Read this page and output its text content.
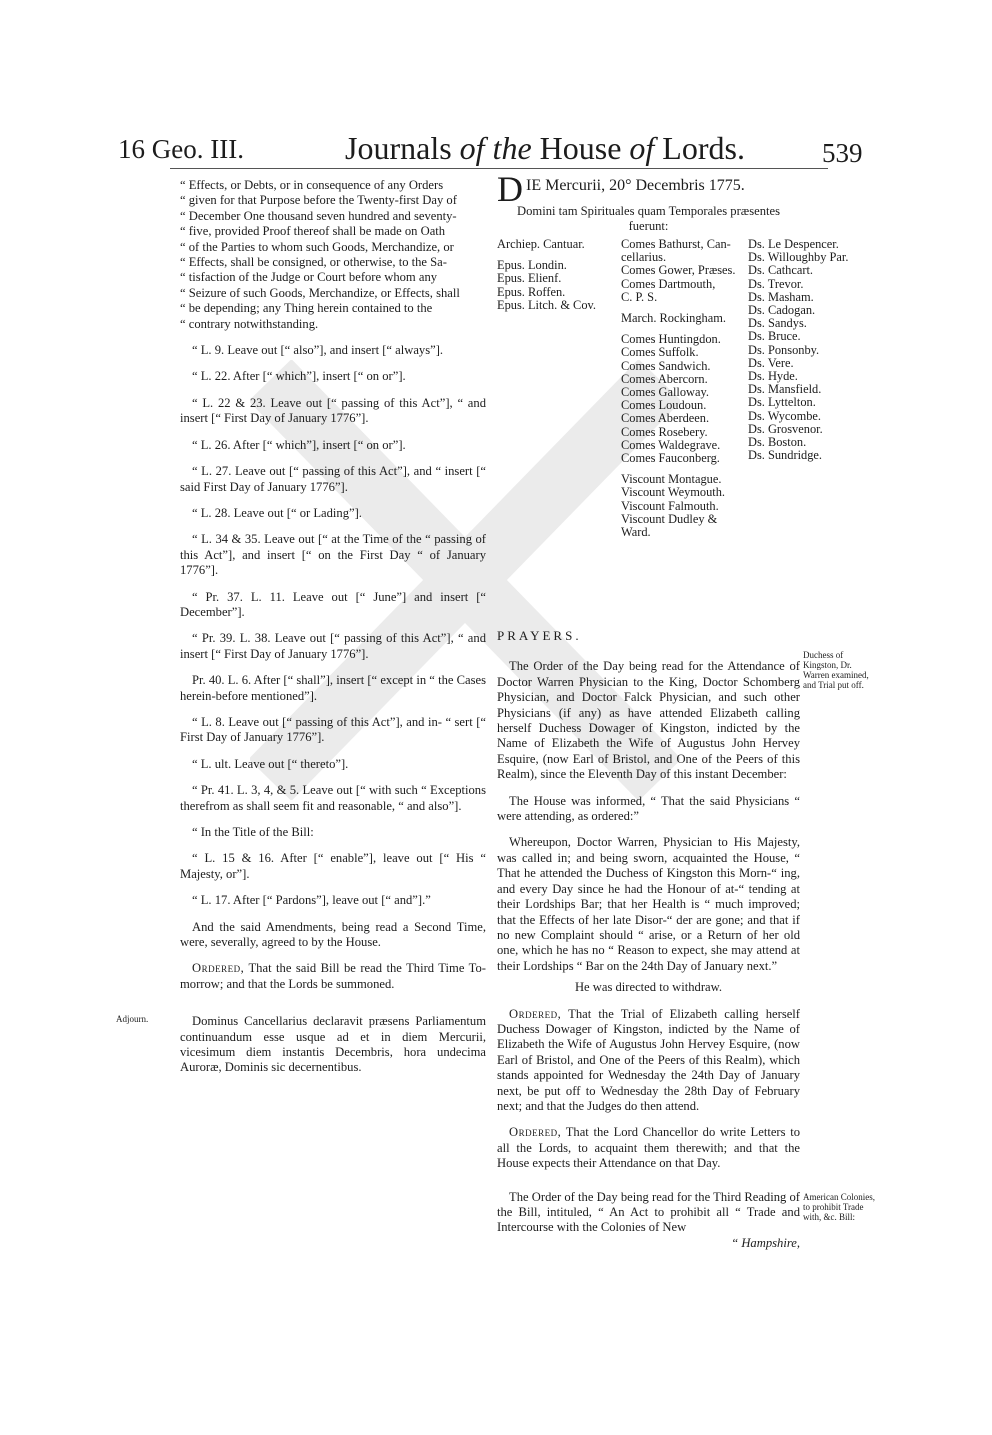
16 Geo. III.	Journals of the House of Lords.	539
“ Effects, or Debts, or in consequence of any Orders
“ given for that Purpose before the Twenty-first Day of
“ December One thousand seven hundred and seventy-
“ five, provided Proof thereof shall be made on Oath
“ of the Parties to whom such Goods, Merchandize, or
“ Effects, shall be consigned, or otherwise, to the Sa-
“ tisfaction of the Judge or Court before whom any
“ Seizure of such Goods, Merchandize, or Effects, shall
“ be depending; any Thing herein contained to the
“ contrary notwithstanding.

“ L. 9. Leave out [“ also”], and insert [“ always”].

“ L. 22. After [“ which”], insert [“ on or”].

“ L. 22 & 23. Leave out [“ passing of this Act”], “ and insert [“ First Day of January 1776”].

“ L. 26. After [“ which”], insert [“ on or”].

“ L. 27. Leave out [“ passing of this Act”], and “ insert [“ said First Day of January 1776”].

“ L. 28. Leave out [“ or Lading”].

“ L. 34 & 35. Leave out [“ at the Time of the “ passing of this Act”], and insert [“ on the First Day “ of January 1776”].

“ Pr. 37. L. 11. Leave out [“ June”] and insert [“ December”].

“ Pr. 39. L. 38. Leave out [“ passing of this Act”], “ and insert [“ First Day of January 1776”].

Pr. 40. L. 6. After [“ shall”], insert [“ except in “ the Cases herein-before mentioned”].

“ L. 8. Leave out [“ passing of this Act”], and in- “ sert [“ First Day of January 1776”].

“ L. ult. Leave out [“ thereto”].

“ Pr. 41. L. 3, 4, & 5. Leave out [“ with such “ Exceptions therefrom as shall seem fit and reasonable, “ and also”].

“ In the Title of the Bill:

“ L. 15 & 16. After [“ enable”], leave out [“ His “ Majesty, or”].

“ L. 17. After [“ Pardons”], leave out [“ and”].”

And the said Amendments, being read a Second Time, were, severally, agreed to by the House.

Ordered, That the said Bill be read the Third Time To-morrow; and that the Lords be summoned.

Dominus Cancellarius declaravit præsens Parliamentum continuandum esse usque ad et in diem Mercurii, vicesimum diem instantis Decembris, hora undecima Auroræ, Dominis sic decernentibus.

Adjourn.
DIE Mercurii, 20° Decembris 1775.

Domini tam Spirituales quam Temporales præsentes fuerunt:

Archiep. Cantuar.
Epus. Londin.
Epus. Elienf.
Epus. Roffen.
Epus. Litch. & Cov.
Comes Bathurst, Can-
cellarius.
Comes Gower, Præses.
Comes Dartmouth,
C. P. S.
March. Rockingham.
Comes Huntingdon.
Comes Suffolk.
Comes Sandwich.
Comes Abercorn.
Comes Galloway.
Comes Loudoun.
Comes Aberdeen.
Comes Rosebery.
Comes Waldegrave.
Comes Fauconberg.
Viscount Montague.
Viscount Weymouth.
Viscount Falmouth.
Viscount Dudley &
Ward.
Ds. Le Despencer.
Ds. Willoughby Par.
Ds. Cathcart.
Ds. Trevor.
Ds. Masham.
Ds. Cadogan.
Ds. Sandys.
Ds. Bruce.
Ds. Ponsonby.
Ds. Vere.
Ds. Hyde.
Ds. Mansfield.
Ds. Lyttelton.
Ds. Wycombe.
Ds. Grosvenor.
Ds. Boston.
Ds. Sundridge.

PRAYERS.

The Order of the Day being read for the Attendance of Doctor Warren Physician to the King, Doctor Schomberg Physician, and Doctor Falck Physician, and such other Physicians (if any) as have attended Elizabeth calling herself Duchess Dowager of Kingston, indicted by the Name of Elizabeth the Wife of Augustus John Hervey Esquire, (now Earl of Bristol, and One of the Peers of this Realm), since the Eleventh Day of this instant December:

The House was informed, “ That the said Physicians “ were attending, as ordered:”

Whereupon, Doctor Warren, Physician to His Majesty, was called in; and being sworn, acquainted the House, “ That he attended the Duchess of Kingston this Morn-“ ing, and every Day since he had the Honour of at-“ tending at their Lordships Bar; that her Health is “ much improved; that the Effects of her late Disor-“ der are gone; and that if no new Complaint should “ arise, or a Return of her old one, which he has no “ Reason to expect, she may attend at their Lordships “ Bar on the 24th Day of January next.”

He was directed to withdraw.

Ordered, That the Trial of Elizabeth calling herself Duchess Dowager of Kingston, indicted by the Name of Elizabeth the Wife of Augustus John Hervey Esquire, (now Earl of Bristol, and One of the Peers of this Realm), which stands appointed for Wednesday the 24th Day of January next, be put off to Wednesday the 28th Day of February next; and that the Judges do then attend.

Ordered, That the Lord Chancellor do write Letters to all the Lords, to acquaint them therewith; and that the House expects their Attendance on that Day.

The Order of the Day being read for the Third Reading of the Bill, intituled, “ An Act to prohibit all “ Trade and Intercourse with the Colonies of New

“ Hampshire,

Duchess of Kingston, Dr. Warren examined, and Trial put off.
American Colonies, to prohibit Trade with, &c. Bill:
